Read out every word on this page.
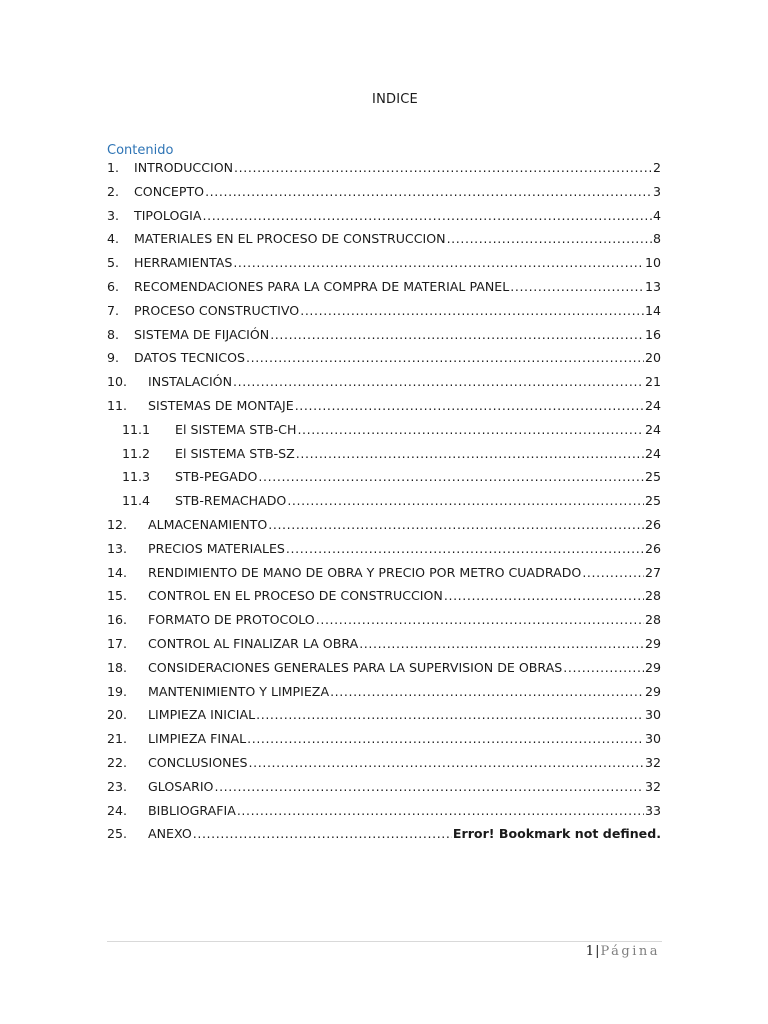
INDICE
Contenido
1.	INTRODUCCION .....	2
2.	CONCEPTO .....	3
3.	TIPOLOGIA .....	4
4.	MATERIALES EN EL PROCESO DE CONSTRUCCION .....	8
5.	HERRAMIENTAS .....	10
6.	RECOMENDACIONES PARA LA COMPRA DE MATERIAL PANEL .....	13
7.	PROCESO CONSTRUCTIVO .....	14
8.	SISTEMA DE FIJACIÓN .....	16
9.	DATOS TECNICOS .....	20
10.	INSTALACIÓN .....	21
11.	SISTEMAS DE MONTAJE .....	24
11.1	El SISTEMA STB-CH .....	24
11.2	El SISTEMA STB-SZ .....	24
11.3	STB-PEGADO .....	25
11.4	STB-REMACHADO .....	25
12.	ALMACENAMIENTO .....	26
13.	PRECIOS MATERIALES .....	26
14.	RENDIMIENTO DE MANO DE OBRA Y PRECIO POR METRO CUADRADO .....	27
15.	CONTROL EN EL PROCESO DE CONSTRUCCION .....	28
16.	FORMATO DE PROTOCOLO .....	28
17.	CONTROL AL FINALIZAR LA OBRA .....	29
18.	CONSIDERACIONES GENERALES PARA LA SUPERVISION DE OBRAS .....	29
19.	MANTENIMIENTO Y LIMPIEZA .....	29
20.	LIMPIEZA INICIAL .....	30
21.	LIMPIEZA FINAL .....	30
22.	CONCLUSIONES .....	32
23.	GLOSARIO .....	32
24.	BIBLIOGRAFIA .....	33
25.	ANEXO .....	Error! Bookmark not defined.
1|Página
